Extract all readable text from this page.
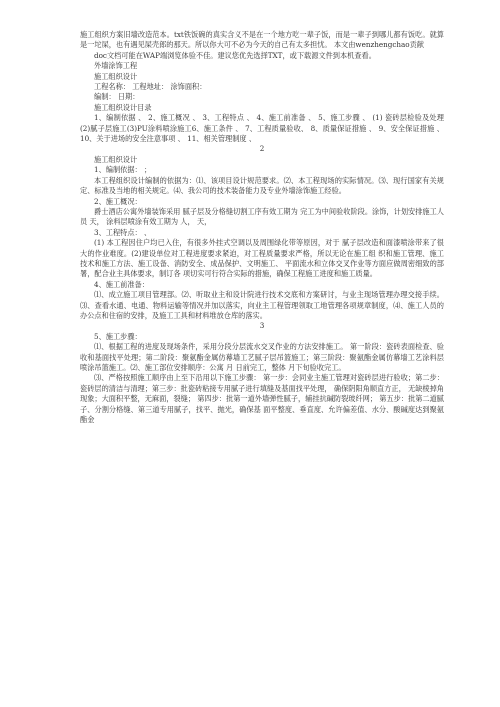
施工组织方案旧墙改造范本。txt铁饭碗的真实含义不是在一个地方吃一辈子饭，而是一辈子到哪儿都有饭吃。就算是一坨屎，也有遇见屎壳郎的那天。所以你大可不必为今天的自己有太多担忧。 本文由wenzhengchao贡献

doc文档可能在WAP端浏览体验不佳。建议您优先选择TXT，或下载源文件到本机查看。

外墙涂饰工程

施工组织设计

工程名称： 工程地址： 涂饰面积：

编制： 日期：

施工组织设计目录

1、编制依据 、 2、施工概况 、 3、工程特点 、 4、施工前准备 、 5、施工步骤 、 (1) 瓷砖层检验及处理 (2)腻子层施工(3)PU涂料喷涂施工6、施工条件 、 7、工程质量验收、 8、质量保证措施 、 9、安全保证措施 、 10、关于进场的安全注意事项 、 11、相关管理制度 、

2

施工组织设计

1、编制依据： ；

本工程组织设计编制的依据为：⑴、该项目设计规范要求。⑵、本工程现场的实际情况。⑶、现行国家有关规定、标准及当地的相关规定。⑷、我公司的技术装备能力及专业外墙涂饰施工经验。

2、施工概况：

爵士酒店公寓外墙装饰采用 腻子层及分格缝切割工序有效工期为 完工为中间验收阶段。涂饰，计划安排施工人员 天， 涂料层喷涂有效工期为 人， 天，

3、工程特点： 、

(1) 本工程因住户均已入住，有很多外挂式空调以及周围绿化带等原因，对于 腻子层改造和面漆喷涂带来了很大的作业难度。(2)建设单位对工程进度要求紧迫，对工程质量要求严格，所以无论在施工组 织和施工管理、施工技术和施工方法、施工设备、消防安全、成品保护、文明施工、 平面流水和立体交叉作业等方面应做周密细致的部署，配合业主具体要求，制订各 项切实可行符合实际的措施，确保工程施工进度和施工质量。

4、施工前准备：

⑴、成立施工项目管理部。⑵、听取业主和设计院进行技术交底和方案研讨，与业主现场管理办理交接手续。⑶、查看水通、电通、物料运输等情况并加以落实，向业主工程管理领取工地管理各项规章制度，⑷、施工人员的办公点和住宿的安排，及施工工具和材料堆放仓库的落实。

3

5、施工步骤：

⑴、根据工程的进度及现场条件，采用分段分层流水交叉作业的方法安排施工。 第一阶段：瓷砖表面检查、验收和基面找平处理；第二阶段：聚氨酯金属仿幕墙工艺腻子层吊篮施工；第三阶段：聚氨酯金属仿幕墙工艺涂料层喷涂吊篮施工。⑵、施工部位安排顺序：公寓 月 日前完工，整体 月下旬验收完工。

⑶、严格按照施工顺序由上至下沿用以下施工步骤： 第一步：会同业主施工管理对瓷砖层进行验收；第二步：瓷砖层的清洁与清理；第三步：批瓷砖粘接专用腻子进行填缝及基面找平处理， 确保阴阳角顺直方正， 无缺棱掉角现象；大面积平整，无麻面，裂缝； 第四步：批第一道外墙弹性腻子，辅挂抗碱防裂玻纤网； 第五步：批第二道腻子、分割分格缝、第三道专用腻子，找平、抛光，确保基 面平整度、垂直度、允许偏差值、水分、酸碱度达到聚氨酯金
